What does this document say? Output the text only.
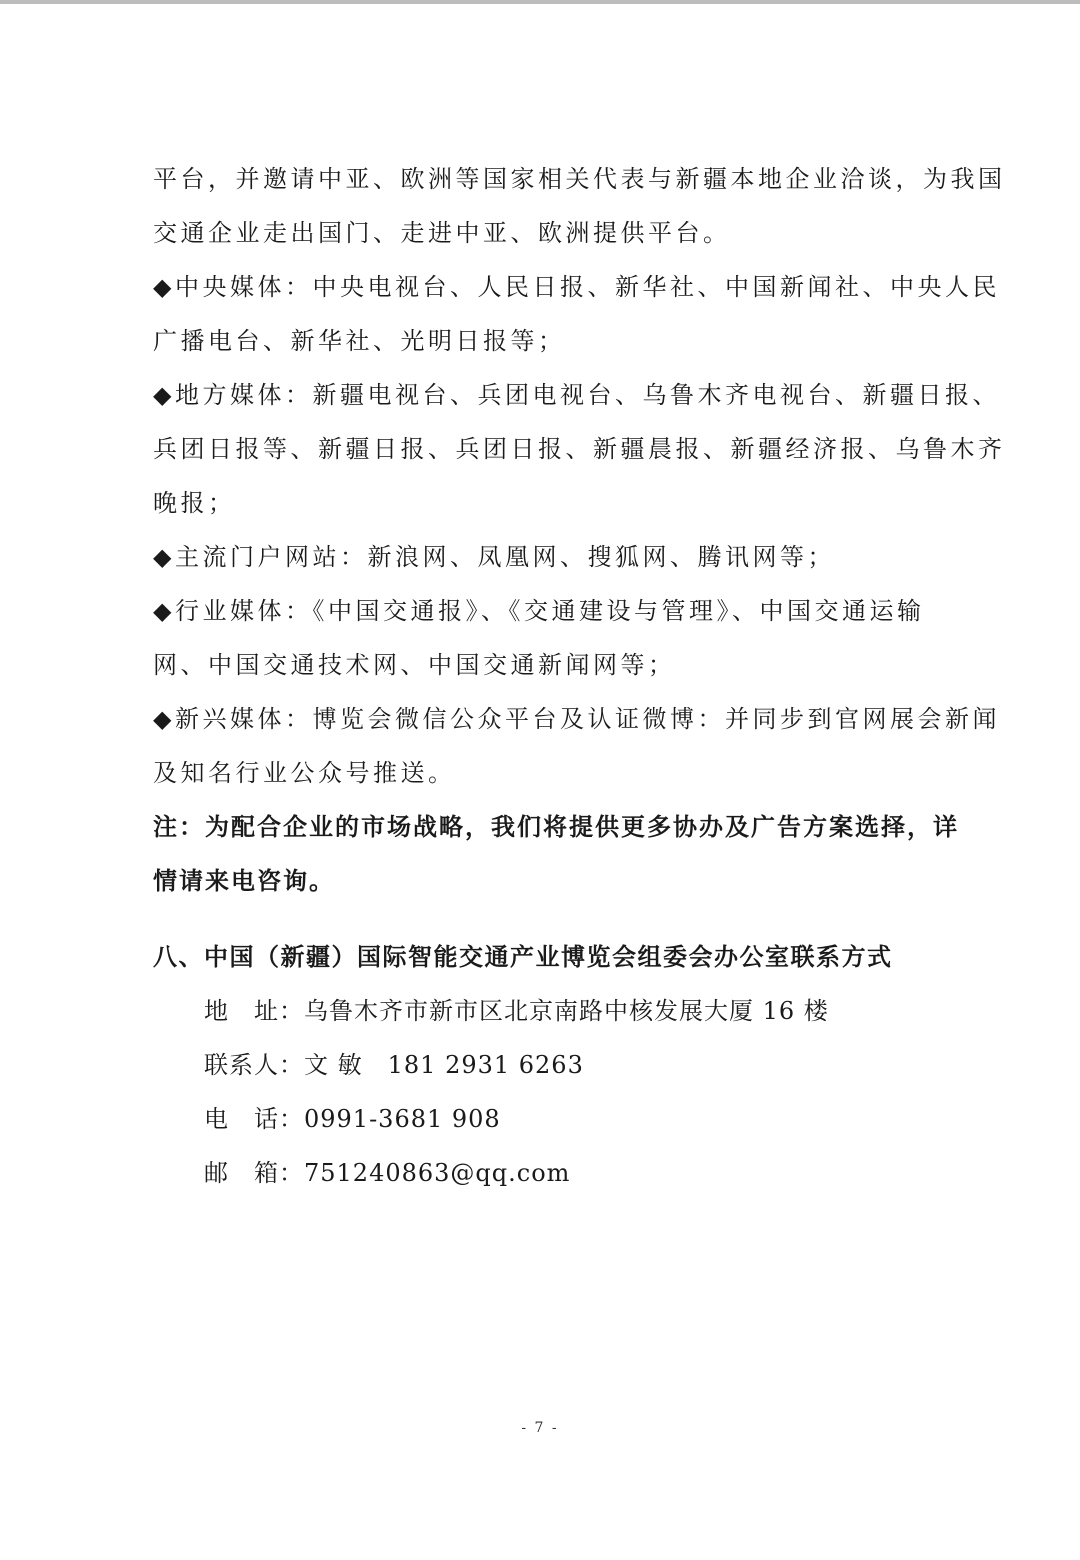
平台，并邀请中亚、欧洲等国家相关代表与新疆本地企业洽谈，为我国
交通企业走出国门、走进中亚、欧洲提供平台。
◆中央媒体：中央电视台、人民日报、新华社、中国新闻社、中央人民
广播电台、新华社、光明日报等；
◆地方媒体：新疆电视台、兵团电视台、乌鲁木齐电视台、新疆日报、
兵团日报等、新疆日报、兵团日报、新疆晨报、新疆经济报、乌鲁木齐
晚报；
◆主流门户网站：新浪网、凤凰网、搜狐网、腾讯网等；
◆行业媒体：《中国交通报》、《交通建设与管理》、中国交通运输
网、中国交通技术网、中国交通新闻网等；
◆新兴媒体：博览会微信公众平台及认证微博：并同步到官网展会新闻
及知名行业公众号推送。
注：为配合企业的市场战略，我们将提供更多协办及广告方案选择，详
情请来电咨询。
八、中国（新疆）国际智能交通产业博览会组委会办公室联系方式
地　址：乌鲁木齐市新市区北京南路中核发展大厦 16 楼
联系人：文 敏　181 2931 6263
电　话：0991-3681 908
邮　箱：751240863@qq.com
- 7 -
